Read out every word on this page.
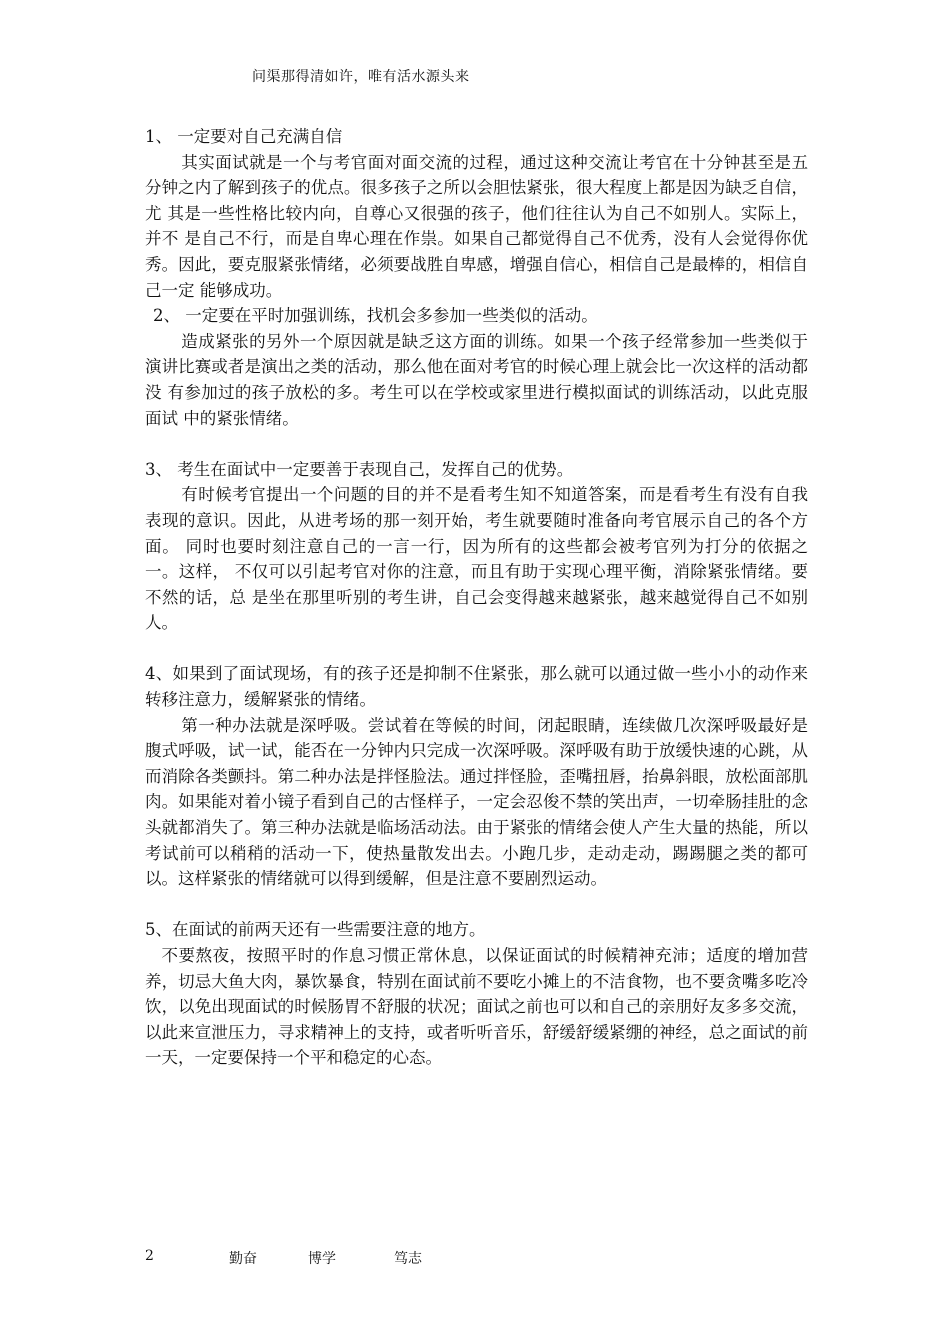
问渠那得清如许，唯有活水源头来

1、 一定要对自己充满自信

其实面试就是一个与考官面对面交流的过程，通过这种交流让考官在十分钟甚至是五分钟之内了解到孩子的优点。很多孩子之所以会胆怯紧张，很大程度上都是因为缺乏自信，尤 其是一些性格比较内向，自尊心又很强的孩子，他们往往认为自己不如别人。实际上，并不 是自己不行，而是自卑心理在作祟。如果自己都觉得自己不优秀，没有人会觉得你优秀。因此，要克服紧张情绪，必须要战胜自卑感，增强自信心，相信自己是最棒的，相信自己一定 能够成功。

2、 一定要在平时加强训练，找机会多参加一些类似的活动。

造成紧张的另外一个原因就是缺乏这方面的训练。如果一个孩子经常参加一些类似于演讲比赛或者是演出之类的活动，那么他在面对考官的时候心理上就会比一次这样的活动都没 有参加过的孩子放松的多。考生可以在学校或家里进行模拟面试的训练活动，以此克服面试 中的紧张情绪。

3、 考生在面试中一定要善于表现自己，发挥自己的优势。

有时候考官提出一个问题的目的并不是看考生知不知道答案，而是看考生有没有自我表现的意识。因此，从进考场的那一刻开始，考生就要随时准备向考官展示自己的各个方面。 同时也要时刻注意自己的一言一行，因为所有的这些都会被考官列为打分的依据之一。这样， 不仅可以引起考官对你的注意，而且有助于实现心理平衡，消除紧张情绪。要不然的话，总 是坐在那里听别的考生讲，自己会变得越来越紧张，越来越觉得自己不如别人。

4、如果到了面试现场，有的孩子还是抑制不住紧张，那么就可以通过做一些小小的动作来转移注意力，缓解紧张的情绪。

第一种办法就是深呼吸。尝试着在等候的时间，闭起眼睛，连续做几次深呼吸最好是 腹式呼吸，试一试，能否在一分钟内只完成一次深呼吸。深呼吸有助于放缓快速的心跳，从 而消除各类颤抖。第二种办法是拌怪脸法。通过拌怪脸，歪嘴扭唇，抬鼻斜眼，放松面部肌 肉。如果能对着小镜子看到自己的古怪样子，一定会忍俊不禁的笑出声，一切牵肠挂肚的念 头就都消失了。第三种办法就是临场活动法。由于紧张的情绪会使人产生大量的热能，所以 考试前可以稍稍的活动一下，使热量散发出去。小跑几步，走动走动，踢踢腿之类的都可以。这样紧张的情绪就可以得到缓解，但是注意不要剧烈运动。

5、在面试的前两天还有一些需要注意的地方。

不要熬夜，按照平时的作息习惯正常休息，以保证面试的时候精神充沛；适度的增加营养，切忌大鱼大肉，暴饮暴食，特别在面试前不要吃小摊上的不洁食物，也不要贪嘴多吃冷 饮，以免出现面试的时候肠胃不舒服的状况；面试之前也可以和自己的亲朋好友多多交流， 以此来宣泄压力，寻求精神上的支持，或者听听音乐，舒缓舒缓紧绷的神经，总之面试的前 一天，一定要保持一个平和稳定的心态。

2	勤奋	博学	笃志
